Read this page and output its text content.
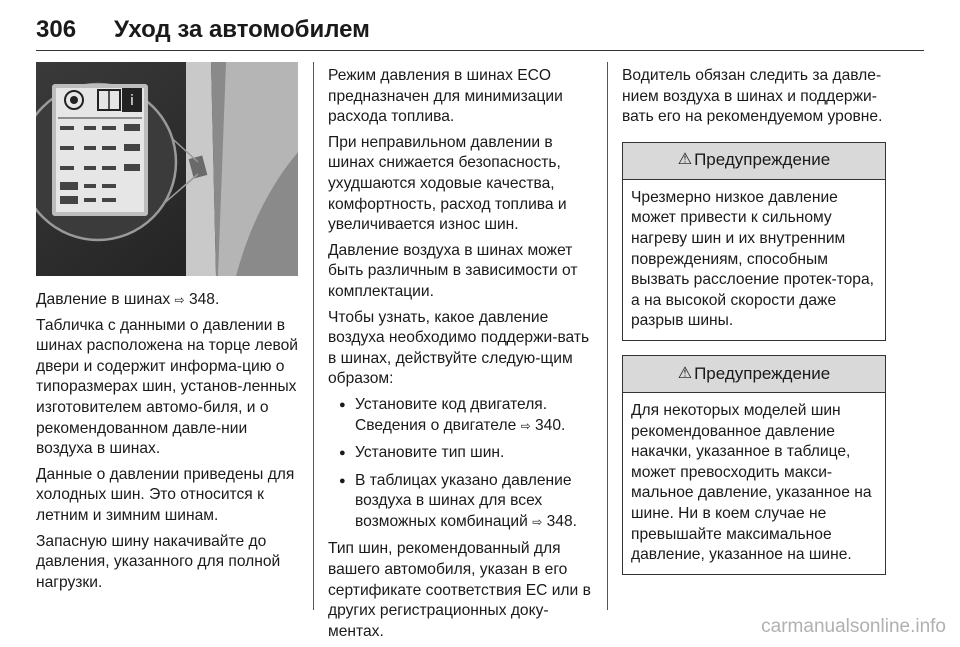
306 Уход за автомобилем
i

Давление в шинах ⇨ 348.

Табличка с данными о давлении в шинах расположена на торце левой двери и содержит информа-цию о типоразмерах шин, установ-ленных изготовителем автомо-биля, и о рекомендованном давле-нии воздуха в шинах.

Данные о давлении приведены для холодных шин. Это относится к летним и зимним шинам.

Запасную шину накачивайте до давления, указанного для полной нагрузки.

Режим давления в шинах ECO предназначен для минимизации расхода топлива.

При неправильном давлении в шинах снижается безопасность, ухудшаются ходовые качества, комфортность, расход топлива и увеличивается износ шин.

Давление воздуха в шинах может быть различным в зависимости от комплектации.

Чтобы узнать, какое давление воздуха необходимо поддержи-вать в шинах, действуйте следую-щим образом:

● Установите код двигателя. Сведения о двигателе ⇨ 340.
● Установите тип шин.
● В таблицах указано давление воздуха в шинах для всех возможных комбинаций ⇨ 348.

Тип шин, рекомендованный для вашего автомобиля, указан в его сертификате соответствия ЕС или в других регистрационных доку-ментах.

Водитель обязан следить за давле-нием воздуха в шинах и поддержи-вать его на рекомендуемом уровне.

⚠ Предупреждение
Чрезмерно низкое давление может привести к сильному нагреву шин и их внутренним повреждениям, способным вызвать расслоение протек-тора, а на высокой скорости даже разрыв шины.
⚠ Предупреждение
Для некоторых моделей шин рекомендованное давление накачки, указанное в таблице, может превосходить макси-мальное давление, указанное на шине. Ни в коем случае не превышайте максимальное давление, указанное на шине.
carmanualsonline.info
